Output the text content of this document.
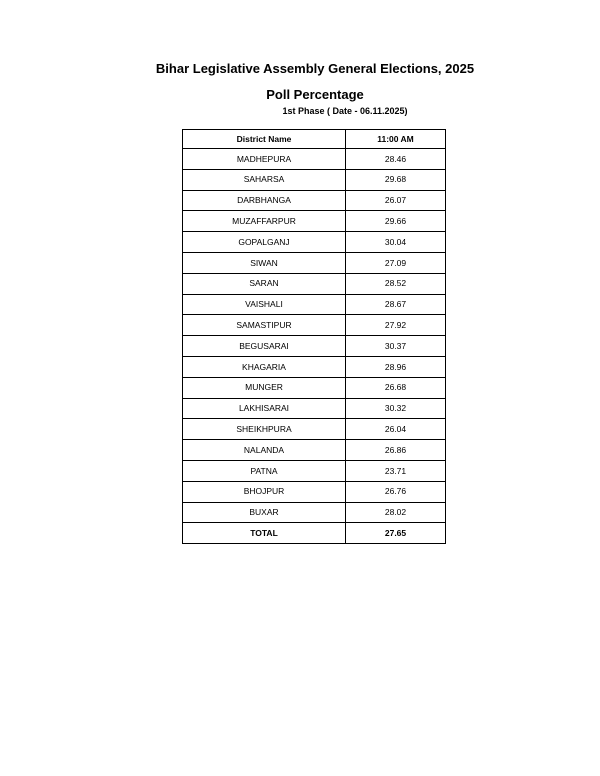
Bihar Legislative Assembly General Elections, 2025
Poll Percentage
1st Phase ( Date - 06.11.2025)
District Name	11:00 AM
MADHEPURA	28.46
SAHARSA	29.68
DARBHANGA	26.07
MUZAFFARPUR	29.66
GOPALGANJ	30.04
SIWAN	27.09
SARAN	28.52
VAISHALI	28.67
SAMASTIPUR	27.92
BEGUSARAI	30.37
KHAGARIA	28.96
MUNGER	26.68
LAKHISARAI	30.32
SHEIKHPURA	26.04
NALANDA	26.86
PATNA	23.71
BHOJPUR	26.76
BUXAR	28.02
TOTAL	27.65
